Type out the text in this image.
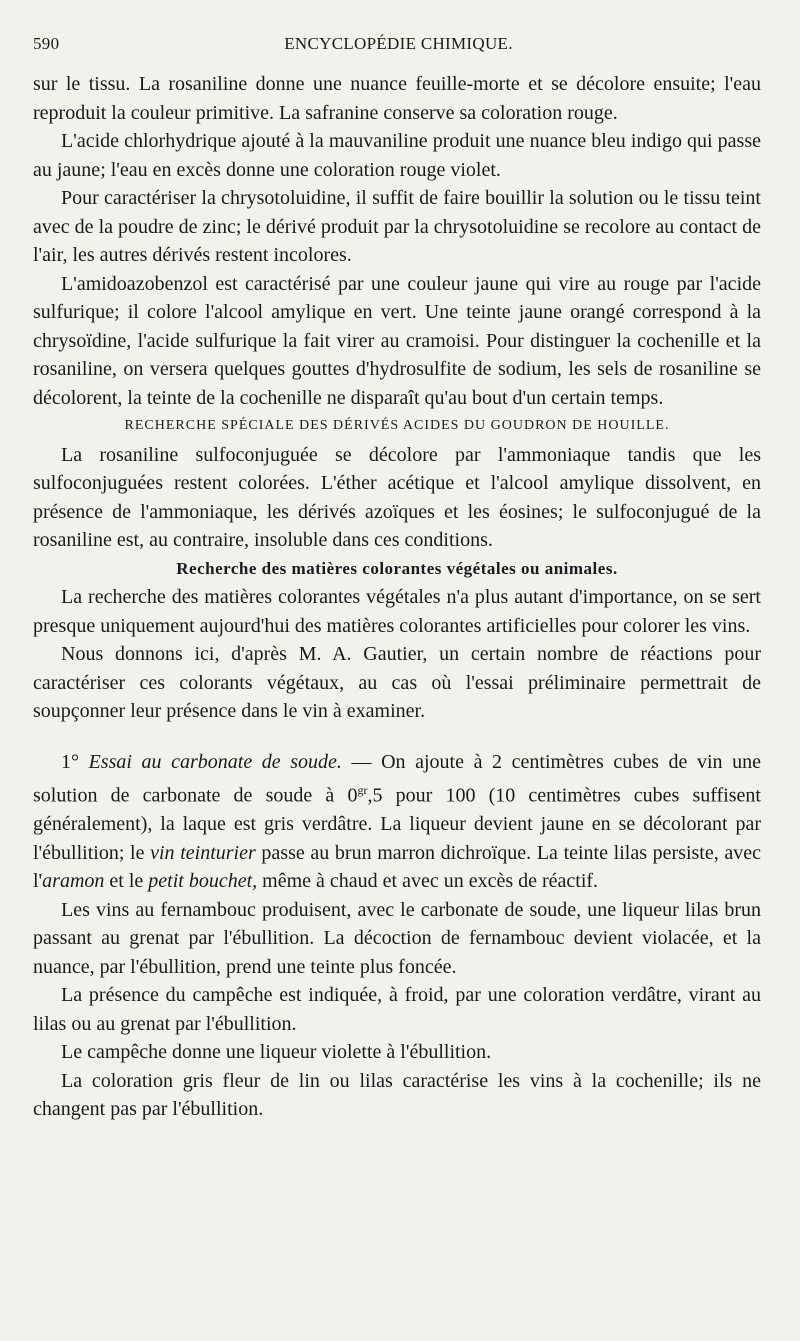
590	ENCYCLOPÉDIE CHIMIQUE.

sur le tissu. La rosaniline donne une nuance feuille-morte et se décolore ensuite; l'eau reproduit la couleur primitive. La safranine conserve sa coloration rouge.

L'acide chlorhydrique ajouté à la mauvaniline produit une nuance bleu indigo qui passe au jaune; l'eau en excès donne une coloration rouge violet.

Pour caractériser la chrysotoluidine, il suffit de faire bouillir la solution ou le tissu teint avec de la poudre de zinc; le dérivé produit par la chrysotoluidine se recolore au contact de l'air, les autres dérivés restent incolores.

L'amidoazobenzol est caractérisé par une couleur jaune qui vire au rouge par l'acide sulfurique; il colore l'alcool amylique en vert. Une teinte jaune orangé correspond à la chrysoïdine, l'acide sulfurique la fait virer au cramoisi. Pour distinguer la cochenille et la rosaniline, on versera quelques gouttes d'hydrosulfite de sodium, les sels de rosaniline se décolorent, la teinte de la cochenille ne disparaît qu'au bout d'un certain temps.

RECHERCHE SPÉCIALE DES DÉRIVÉS ACIDES DU GOUDRON DE HOUILLE.

La rosaniline sulfoconjuguée se décolore par l'ammoniaque tandis que les sulfoconjuguées restent colorées. L'éther acétique et l'alcool amylique dissolvent, en présence de l'ammoniaque, les dérivés azoïques et les éosines; le sulfoconjugué de la rosaniline est, au contraire, insoluble dans ces conditions.

Recherche des matières colorantes végétales ou animales.

La recherche des matières colorantes végétales n'a plus autant d'importance, on se sert presque uniquement aujourd'hui des matières colorantes artificielles pour colorer les vins.

Nous donnons ici, d'après M. A. Gautier, un certain nombre de réactions pour caractériser ces colorants végétaux, au cas où l'essai préliminaire permettrait de soupçonner leur présence dans le vin à examiner.

1° Essai au carbonate de soude. — On ajoute à 2 centimètres cubes de vin une solution de carbonate de soude à $0^{gr},5$ pour 100 (10 centimètres cubes suffisent généralement), la laque est gris verdâtre. La liqueur devient jaune en se décolorant par l'ébullition; le vin teinturier passe au brun marron dichroïque. La teinte lilas persiste, avec l'aramon et le petit bouchet, même à chaud et avec un excès de réactif.

Les vins au fernambouc produisent, avec le carbonate de soude, une liqueur lilas brun passant au grenat par l'ébullition. La décoction de fernambouc devient violacée, et la nuance, par l'ébullition, prend une teinte plus foncée.

La présence du campêche est indiquée, à froid, par une coloration verdâtre, virant au lilas ou au grenat par l'ébullition.

Le campêche donne une liqueur violette à l'ébullition.

La coloration gris fleur de lin ou lilas caractérise les vins à la cochenille; ils ne changent pas par l'ébullition.
